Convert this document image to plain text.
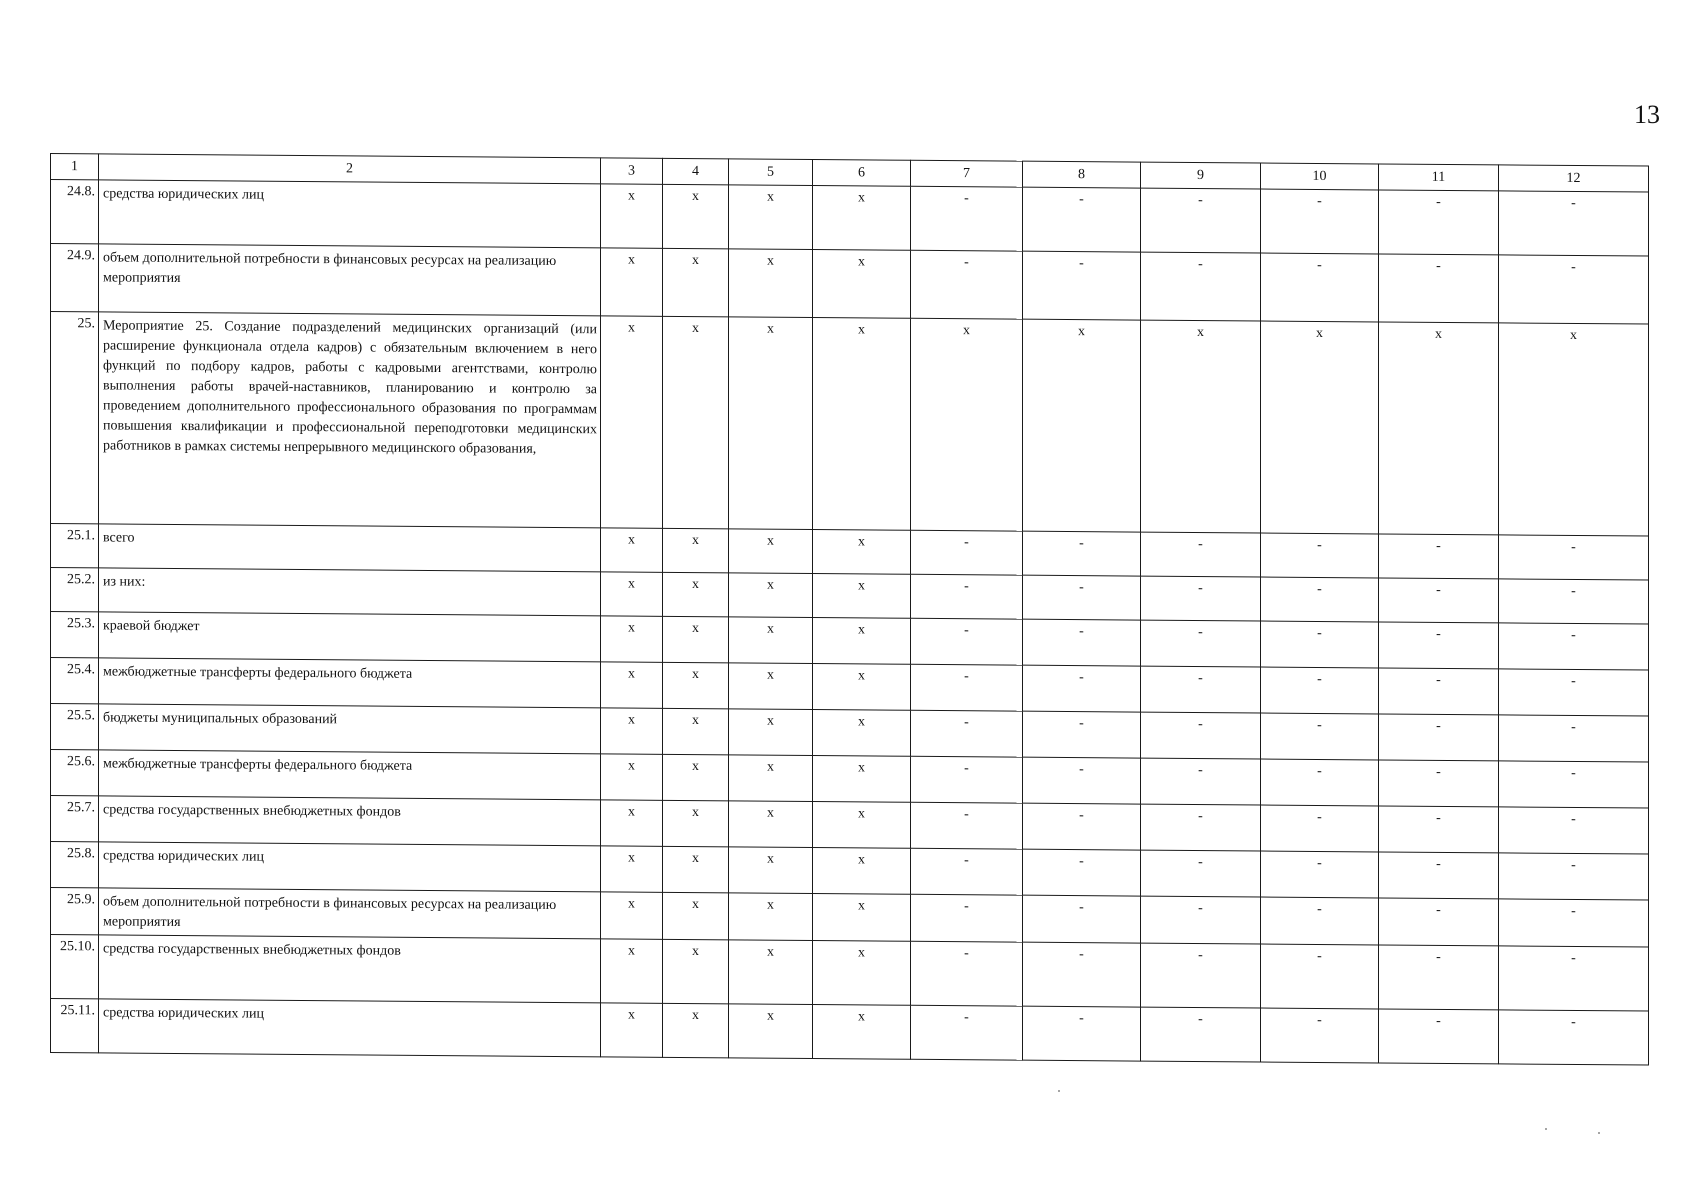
13
1	2	3	4	5	6	7	8	9	10	11	12
24.8.	средства юридических лиц	x	x	x	x	-	-	-	-	-	-
24.9.	объем дополнительной потребности в финансовых ресурсах на реализацию мероприятия	x	x	x	x	-	-	-	-	-	-
25.	Мероприятие 25. Создание подразделений медицинских организаций (или расширение функционала отдела кадров) с обязательным включением в него функций по подбору кадров, работы с кадровыми агентствами, контролю выполнения работы врачей-наставников, планированию и контролю за проведением дополнительного профессионального образования по программам повышения квалификации и профессиональной переподготовки медицинских работников в рамках системы непрерывного медицинского образования,	x	x	x	x	x	x	x	x	x	x
25.1.	всего	x	x	x	x	-	-	-	-	-	-
25.2.	из них:	x	x	x	x	-	-	-	-	-	-
25.3.	краевой бюджет	x	x	x	x	-	-	-	-	-	-
25.4.	межбюджетные трансферты федерального бюджета	x	x	x	x	-	-	-	-	-	-
25.5.	бюджеты муниципальных образований	x	x	x	x	-	-	-	-	-	-
25.6.	межбюджетные трансферты федерального бюджета	x	x	x	x	-	-	-	-	-	-
25.7.	средства государственных внебюджетных фондов	x	x	x	x	-	-	-	-	-	-
25.8.	средства юридических лиц	x	x	x	x	-	-	-	-	-	-
25.9.	объем дополнительной потребности в финансовых ресурсах на реализацию мероприятия	x	x	x	x	-	-	-	-	-	-
25.10.	средства государственных внебюджетных фондов	x	x	x	x	-	-	-	-	-	-
25.11.	средства юридических лиц	x	x	x	x	-	-	-	-	-	-
